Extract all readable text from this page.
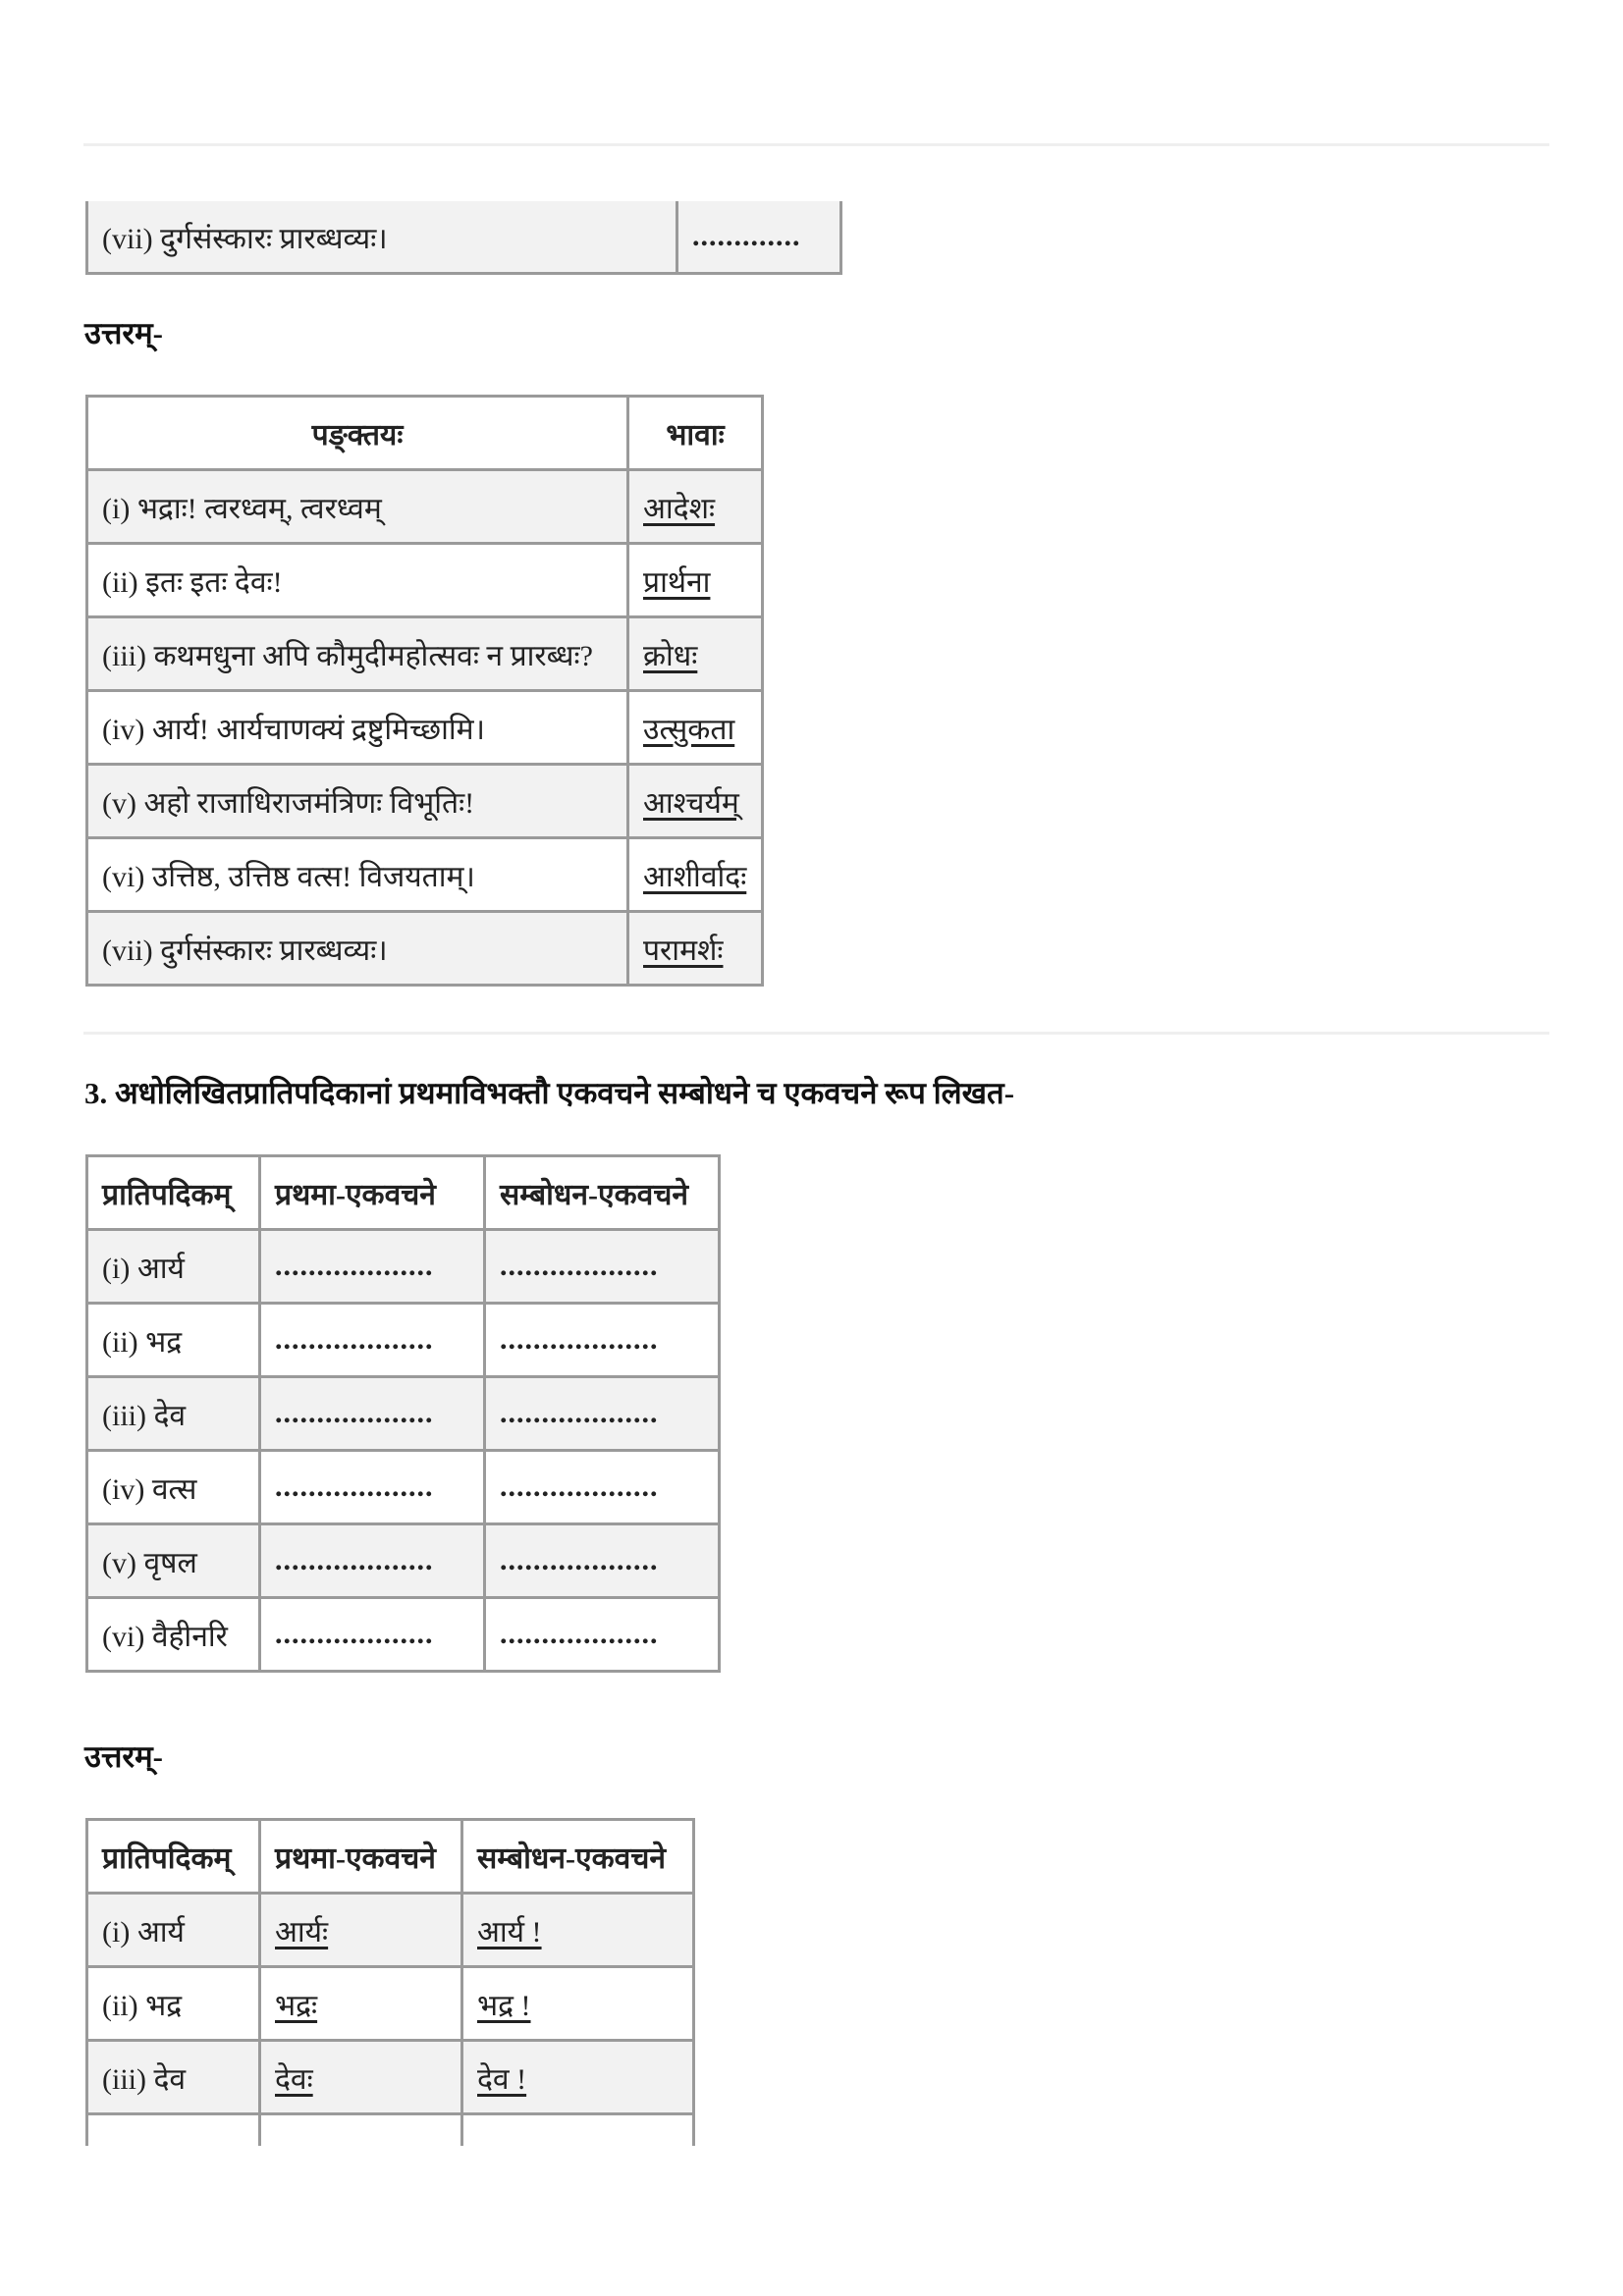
(vii) दुर्गसंस्कारः प्रारब्धव्यः।	.............
उत्तरम्-
पङ्क्तयः	भावाः
(i) भद्राः! त्वरध्वम्, त्वरध्वम्	आदेशः
(ii) इतः इतः देवः!	प्रार्थना
(iii) कथमधुना अपि कौमुदीमहोत्सवः न प्रारब्धः?	क्रोधः
(iv) आर्य! आर्यचाणक्यं द्रष्टुमिच्छामि।	उत्सुकता
(v) अहो राजाधिराजमंत्रिणः विभूतिः!	आश्चर्यम्
(vi) उत्तिष्ठ, उत्तिष्ठ वत्स! विजयताम्।	आशीर्वादः
(vii) दुर्गसंस्कारः प्रारब्धव्यः।	परामर्शः
3. अधोलिखितप्रातिपदिकानां प्रथमाविभक्तौ एकवचने सम्बोधने च एकवचने रूप लिखत-
प्रातिपदिकम्	प्रथमा-एकवचने	सम्बोधन-एकवचने
(i) आर्य	...................	...................
(ii) भद्र	...................	...................
(iii) देव	...................	...................
(iv) वत्स	...................	...................
(v) वृषल	...................	...................
(vi) वैहीनरि	...................	...................
उत्तरम्-
प्रातिपदिकम्	प्रथमा-एकवचने	सम्बोधन-एकवचने
(i) आर्य	आर्यः	आर्य !
(ii) भद्र	भद्रः	भद्र !
(iii) देव	देवः	देव !
